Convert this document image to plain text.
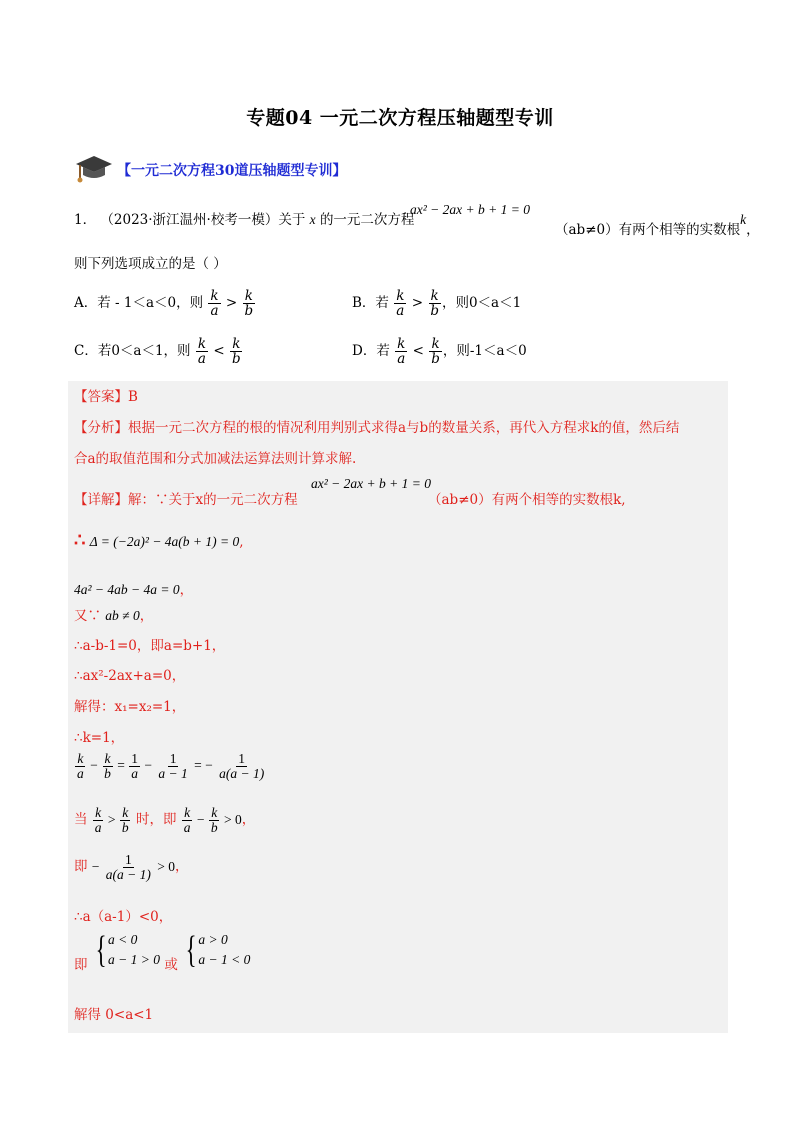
专题04 一元二次方程压轴题型专训
【一元二次方程30道压轴题型专训】
1． （2023·浙江温州·校考一模）关于 x 的一元二次方程
ax² − 2ax + b + 1 = 0
（ab≠0）有两个相等的实数根k，
则下列选项成立的是（ ）
A．若 - 1＜a＜0，则 $\frac{k}{a} > \frac{k}{b}$	B．若 $\frac{k}{a} > \frac{k}{b}$ ，则0＜a＜1
C．若0＜a＜1，则 $\frac{k}{a} < \frac{k}{b}$	D．若 $\frac{k}{a} < \frac{k}{b}$ ，则-1＜a＜0
【答案】B
【分析】根据一元二次方程的根的情况利用判别式求得a与b的数量关系，再代入方程求k的值，然后结
合a的取值范围和分式加减法运算法则计算求解.
【详解】解：∵关于x的一元二次方程
ax² − 2ax + b + 1 = 0
（ab≠0）有两个相等的实数根k,
∴ Δ = (−2a)² − 4a(b + 1) = 0,
4a² − 4ab − 4a = 0，
又∵ ab ≠ 0，
∴a-b-1=0，即a=b+1，
∴ax²-2ax+a=0，
解得：x₁=x₂=1，
∴k=1，
$\frac{k}{a} - \frac{k}{b} = \frac{1}{a} - \frac{1}{a - 1}$ = − $\frac{1}{a(a - 1)}$
当 $\frac{k}{a} > \frac{k}{b}$ 时，即 $\frac{k}{a} - \frac{k}{b} > 0$，
即 − $\frac{1}{a(a - 1)} > 0$，
∴a（a-1）<0，
即 { a < 0
a − 1 > 0 或 { a > 0
a − 1 < 0
解得 0<a<1
